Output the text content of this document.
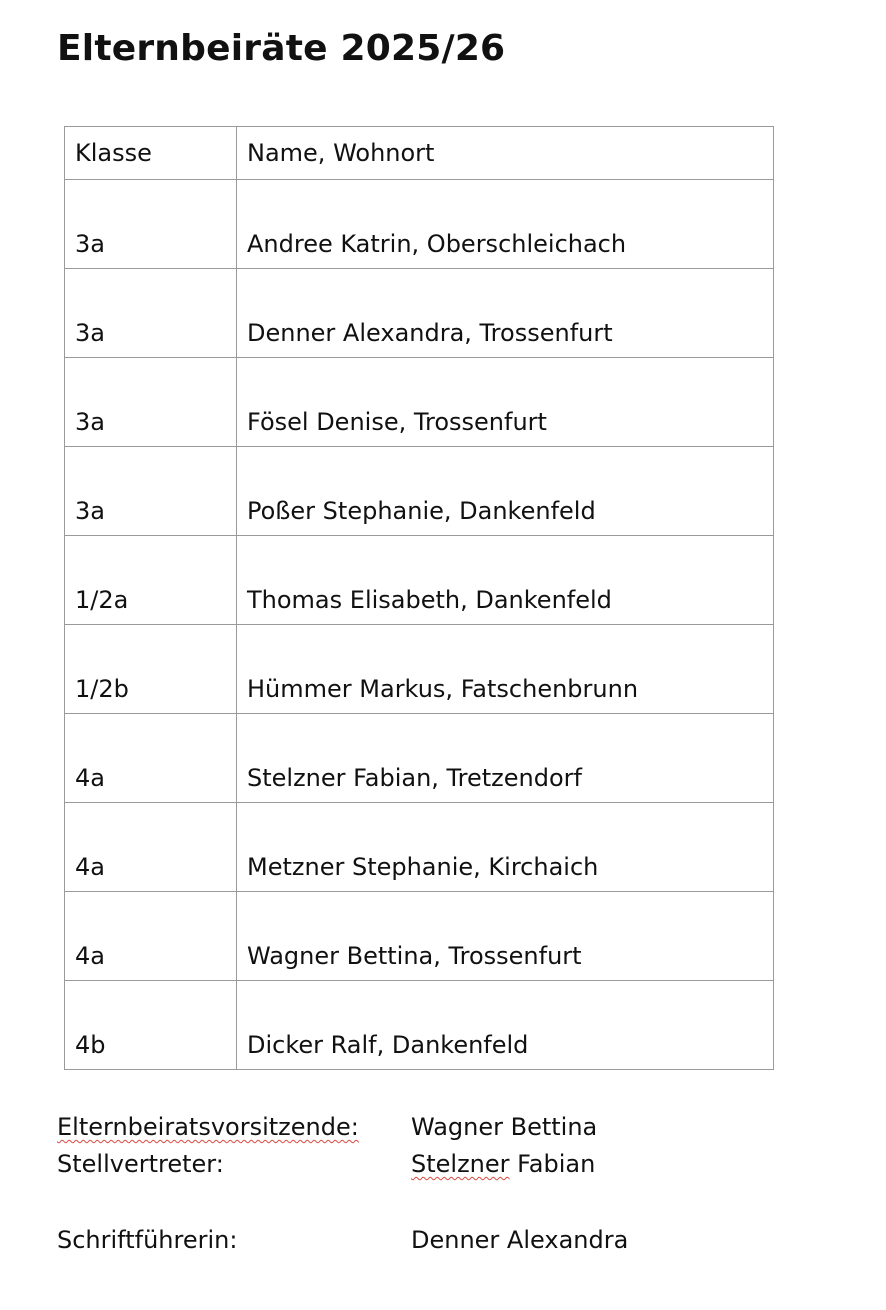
Elternbeiräte 2025/26
Klasse	Name, Wohnort
3a	Andree Katrin, Oberschleichach
3a	Denner Alexandra, Trossenfurt
3a	Fösel Denise, Trossenfurt
3a	Poßer Stephanie, Dankenfeld
1/2a	Thomas Elisabeth, Dankenfeld
1/2b	Hümmer Markus, Fatschenbrunn
4a	Stelzner Fabian, Tretzendorf
4a	Metzner Stephanie, Kirchaich
4a	Wagner Bettina, Trossenfurt
4b	Dicker Ralf, Dankenfeld
Elternbeiratsvorsitzende: Wagner Bettina
Stellvertreter:	Stelzner Fabian
Schriftführerin:	Denner Alexandra
